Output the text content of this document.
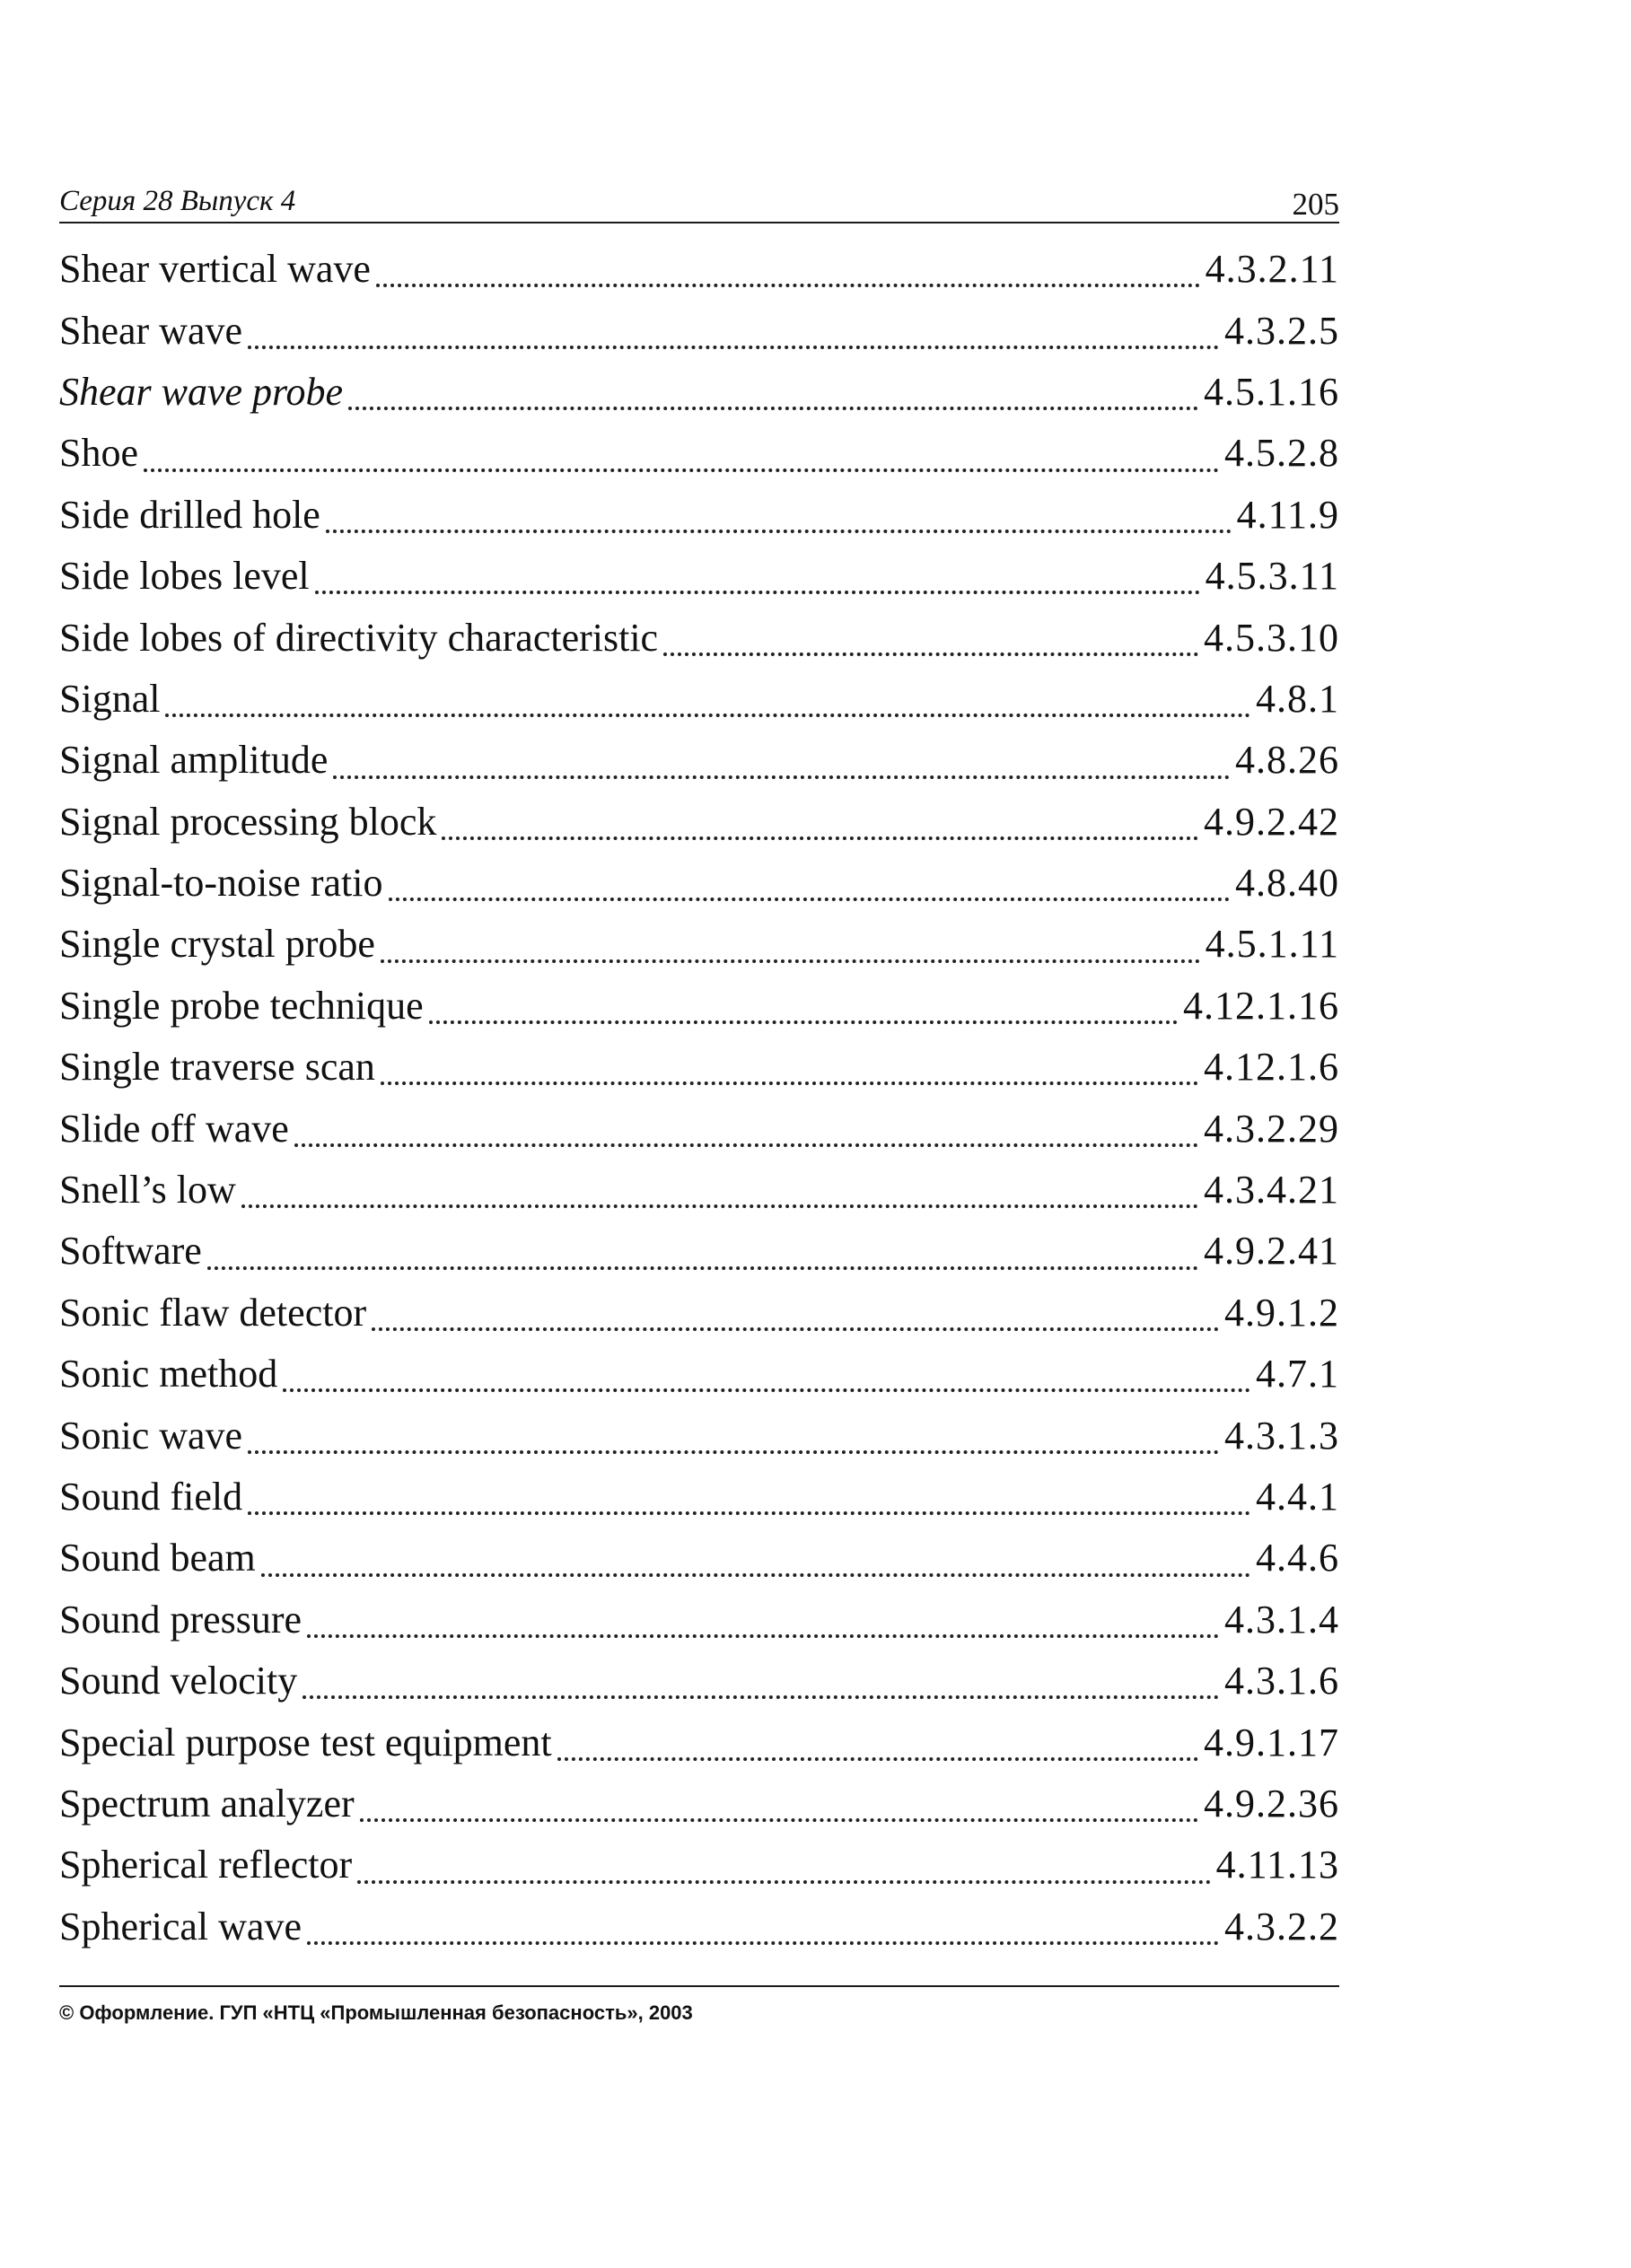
Серия 28 Выпуск 4	205
Shear vertical wave	4.3.2.11
Shear wave	4.3.2.5
Shear wave probe	4.5.1.16
Shoe	4.5.2.8
Side drilled hole	4.11.9
Side lobes level	4.5.3.11
Side lobes of directivity characteristic	4.5.3.10
Signal	4.8.1
Signal amplitude	4.8.26
Signal processing block	4.9.2.42
Signal-to-noise ratio	4.8.40
Single crystal probe	4.5.1.11
Single probe technique	4.12.1.16
Single traverse scan	4.12.1.6
Slide off wave	4.3.2.29
Snell’s low	4.3.4.21
Software	4.9.2.41
Sonic flaw detector	4.9.1.2
Sonic method	4.7.1
Sonic wave	4.3.1.3
Sound field	4.4.1
Sound beam	4.4.6
Sound pressure	4.3.1.4
Sound velocity	4.3.1.6
Special purpose test equipment	4.9.1.17
Spectrum analyzer	4.9.2.36
Spherical reflector	4.11.13
Spherical wave	4.3.2.2
© Оформление. ГУП «НТЦ «Промышленная безопасность», 2003
